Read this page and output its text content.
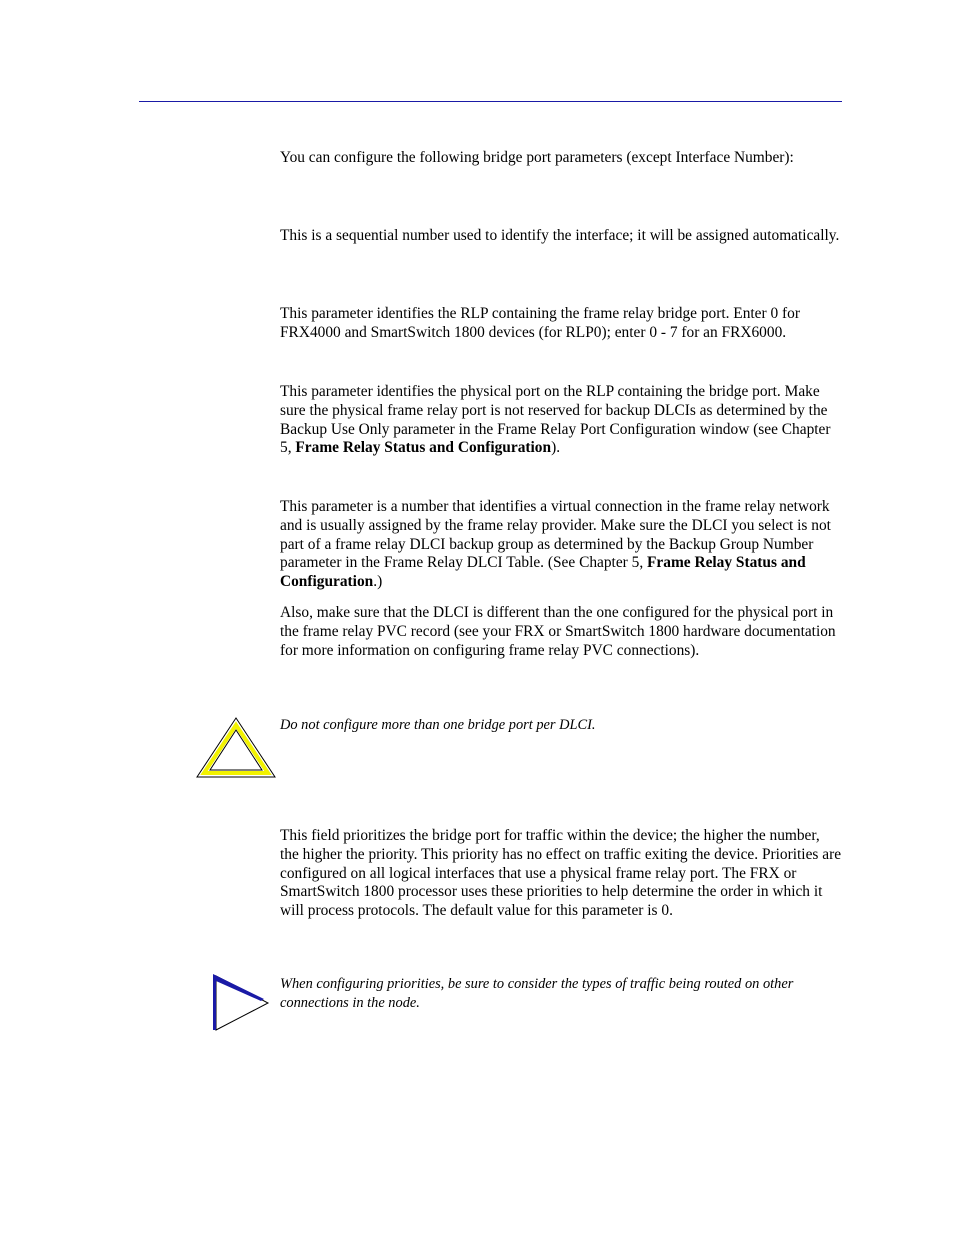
You can configure the following bridge port parameters (except Interface Number):

This is a sequential number used to identify the interface; it will be assigned automatically.

This parameter identifies the RLP containing the frame relay bridge port. Enter 0 for FRX4000 and SmartSwitch 1800 devices (for RLP0); enter 0 - 7 for an FRX6000.

This parameter identifies the physical port on the RLP containing the bridge port. Make sure the physical frame relay port is not reserved for backup DLCIs as determined by the Backup Use Only parameter in the Frame Relay Port Configuration window (see Chapter 5, Frame Relay Status and Configuration).

This parameter is a number that identifies a virtual connection in the frame relay network and is usually assigned by the frame relay provider. Make sure the DLCI you select is not part of a frame relay DLCI backup group as determined by the Backup Group Number parameter in the Frame Relay DLCI Table. (See Chapter 5, Frame Relay Status and Configuration.)

Also, make sure that the DLCI is different than the one configured for the physical port in the frame relay PVC record (see your FRX or SmartSwitch 1800 hardware documentation for more information on configuring frame relay PVC connections).

Do not configure more than one bridge port per DLCI.

This field prioritizes the bridge port for traffic within the device; the higher the number, the higher the priority. This priority has no effect on traffic exiting the device. Priorities are configured on all logical interfaces that use a physical frame relay port. The FRX or SmartSwitch 1800 processor uses these priorities to help determine the order in which it will process protocols. The default value for this parameter is 0.

When configuring priorities, be sure to consider the types of traffic being routed on other connections in the node.
